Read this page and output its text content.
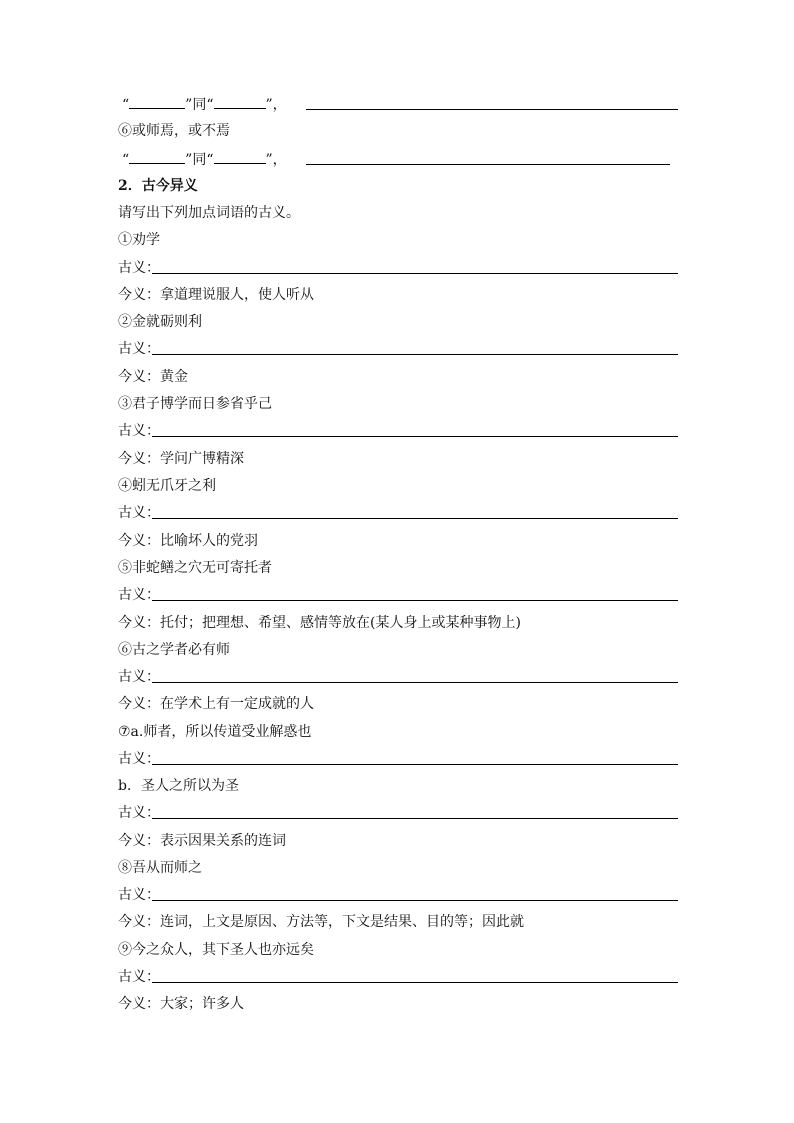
“	”同“	”，
⑥或师焉，或不焉
“	”同“	”，
2．古今异义
请写出下列加点词语的古义。
①劝学
古义：
今义：拿道理说服人，使人听从
②金就砺则利
古义：
今义：黄金
③君子博学而日参省乎己
古义：
今义：学问广博精深
④蚓无爪牙之利
古义：
今义：比喻坏人的党羽
⑤非蛇鳝之穴无可寄托者
古义：
今义：托付；把理想、希望、感情等放在(某人身上或某种事物上)
⑥古之学者必有师
古义：
今义：在学术上有一定成就的人
⑦a.师者，所以传道受业解惑也
古义：
b．圣人之所以为圣
古义：
今义：表示因果关系的连词
⑧吾从而师之
古义：
今义：连词，上文是原因、方法等，下文是结果、目的等；因此就
⑨今之众人，其下圣人也亦远矣
古义：
今义：大家；许多人
